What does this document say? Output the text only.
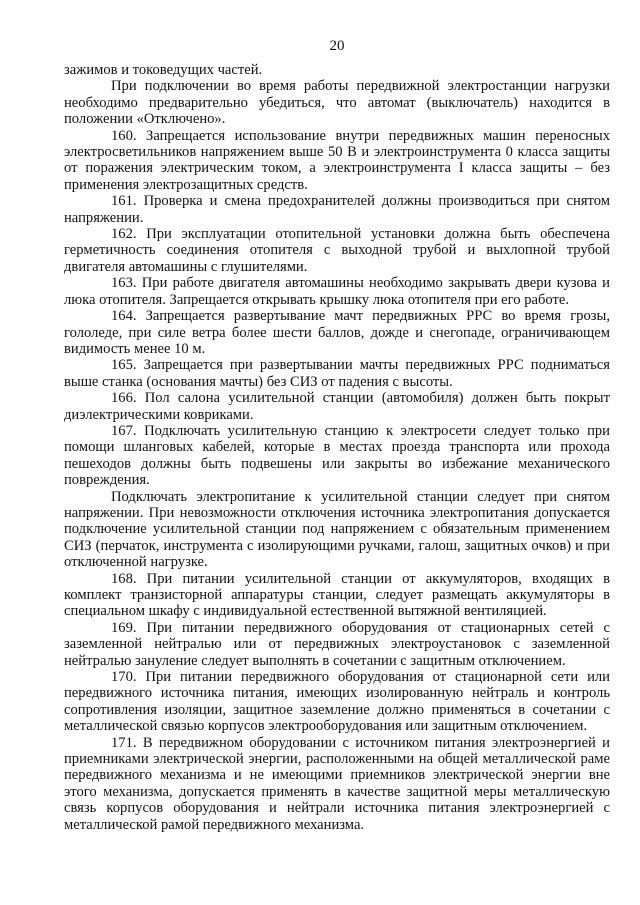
20

зажимов и токоведущих частей.

При подключении во время работы передвижной электростанции нагрузки необходимо предварительно убедиться, что автомат (выключатель) находится в положении «Отключено».

160. Запрещается использование внутри передвижных машин переносных электросветильников напряжением выше 50 В и электроинструмента 0 класса защиты от поражения электрическим током, а электроинструмента I класса защиты – без применения электрозащитных средств.

161. Проверка и смена предохранителей должны производиться при снятом напряжении.

162. При эксплуатации отопительной установки должна быть обеспечена герметичность соединения отопителя с выходной трубой и выхлопной трубой двигателя автомашины с глушителями.

163. При работе двигателя автомашины необходимо закрывать двери кузова и люка отопителя. Запрещается открывать крышку люка отопителя при его работе.

164. Запрещается развертывание мачт передвижных РРС во время грозы, гололеде, при силе ветра более шести баллов, дожде и снегопаде, ограничивающем видимость менее 10 м.

165. Запрещается при развертывании мачты передвижных РРС подниматься выше станка (основания мачты) без СИЗ от падения с высоты.

166. Пол салона усилительной станции (автомобиля) должен быть покрыт диэлектрическими ковриками.

167. Подключать усилительную станцию к электросети следует только при помощи шланговых кабелей, которые в местах проезда транспорта или прохода пешеходов должны быть подвешены или закрыты во избежание механического повреждения.

Подключать электропитание к усилительной станции следует при снятом напряжении. При невозможности отключения источника электропитания допускается подключение усилительной станции под напряжением с обязательным применением СИЗ (перчаток, инструмента с изолирующими ручками, галош, защитных очков) и при отключенной нагрузке.

168. При питании усилительной станции от аккумуляторов, входящих в комплект транзисторной аппаратуры станции, следует размещать аккумуляторы в специальном шкафу с индивидуальной естественной вытяжной вентиляцией.

169. При питании передвижного оборудования от стационарных сетей с заземленной нейтралью или от передвижных электроустановок с заземленной нейтралью зануление следует выполнять в сочетании с защитным отключением.

170. При питании передвижного оборудования от стационарной сети или передвижного источника питания, имеющих изолированную нейтраль и контроль сопротивления изоляции, защитное заземление должно применяться в сочетании с металлической связью корпусов электрооборудования или защитным отключением.

171. В передвижном оборудовании с источником питания электроэнергией и приемниками электрической энергии, расположенными на общей металлической раме передвижного механизма и не имеющими приемников электрической энергии вне этого механизма, допускается применять в качестве защитной меры металлическую связь корпусов оборудования и нейтрали источника питания электроэнергией с металлической рамой передвижного механизма.
